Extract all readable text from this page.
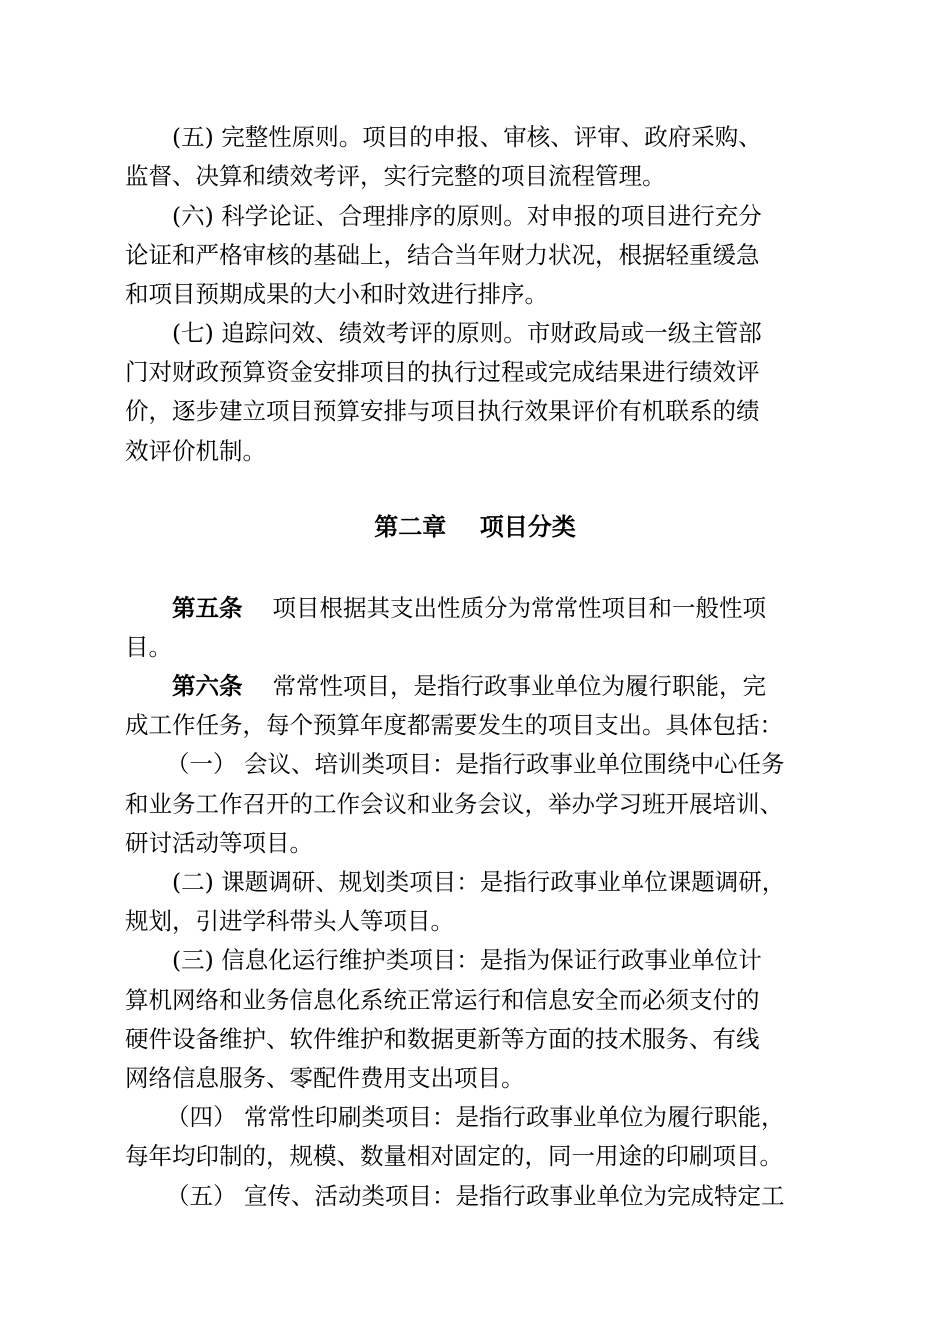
(五) 完整性原则。项目的申报、审核、评审、政府采购、
监督、决算和绩效考评，实行完整的项目流程管理。
(六) 科学论证、合理排序的原则。对申报的项目进行充分
论证和严格审核的基础上，结合当年财力状况，根据轻重缓急
和项目预期成果的大小和时效进行排序。
(七) 追踪问效、绩效考评的原则。市财政局或一级主管部
门对财政预算资金安排项目的执行过程或完成结果进行绩效评
价，逐步建立项目预算安排与项目执行效果评价有机联系的绩
效评价机制。
第二章    项目分类
第五条 项目根据其支出性质分为常常性项目和一般性项
目。
第六条 常常性项目，是指行政事业单位为履行职能，完
成工作任务，每个预算年度都需要发生的项目支出。具体包括：
（一） 会议、培训类项目：是指行政事业单位围绕中心任务
和业务工作召开的工作会议和业务会议，举办学习班开展培训、
研讨活动等项目。
(二) 课题调研、规划类项目：是指行政事业单位课题调研，
规划，引进学科带头人等项目。
(三) 信息化运行维护类项目：是指为保证行政事业单位计
算机网络和业务信息化系统正常运行和信息安全而必须支付的
硬件设备维护、软件维护和数据更新等方面的技术服务、有线
网络信息服务、零配件费用支出项目。
（四） 常常性印刷类项目：是指行政事业单位为履行职能，
每年均印制的，规模、数量相对固定的，同一用途的印刷项目。
（五） 宣传、活动类项目：是指行政事业单位为完成特定工
